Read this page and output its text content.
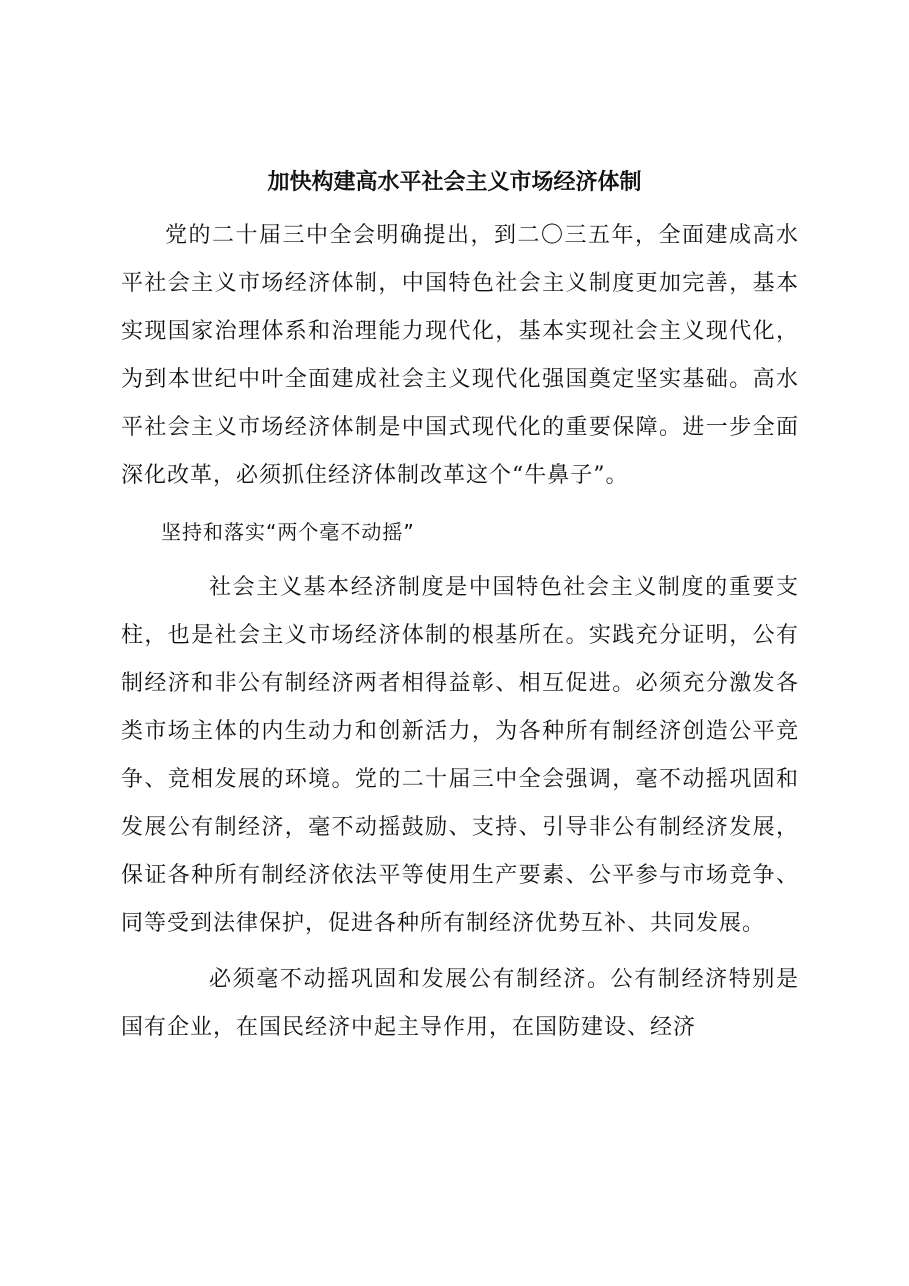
加快构建高水平社会主义市场经济体制

党的二十届三中全会明确提出，到二〇三五年，全面建成高水平社会主义市场经济体制，中国特色社会主义制度更加完善，基本实现国家治理体系和治理能力现代化，基本实现社会主义现代化，为到本世纪中叶全面建成社会主义现代化强国奠定坚实基础。高水平社会主义市场经济体制是中国式现代化的重要保障。进一步全面深化改革，必须抓住经济体制改革这个“牛鼻子”。

坚持和落实“两个毫不动摇”

社会主义基本经济制度是中国特色社会主义制度的重要支柱，也是社会主义市场经济体制的根基所在。实践充分证明，公有制经济和非公有制经济两者相得益彰、相互促进。必须充分激发各类市场主体的内生动力和创新活力，为各种所有制经济创造公平竞争、竞相发展的环境。党的二十届三中全会强调，毫不动摇巩固和发展公有制经济，毫不动摇鼓励、支持、引导非公有制经济发展，保证各种所有制经济依法平等使用生产要素、公平参与市场竞争、同等受到法律保护，促进各种所有制经济优势互补、共同发展。

必须毫不动摇巩固和发展公有制经济。公有制经济特别是国有企业，在国民经济中起主导作用，在国防建设、经济
